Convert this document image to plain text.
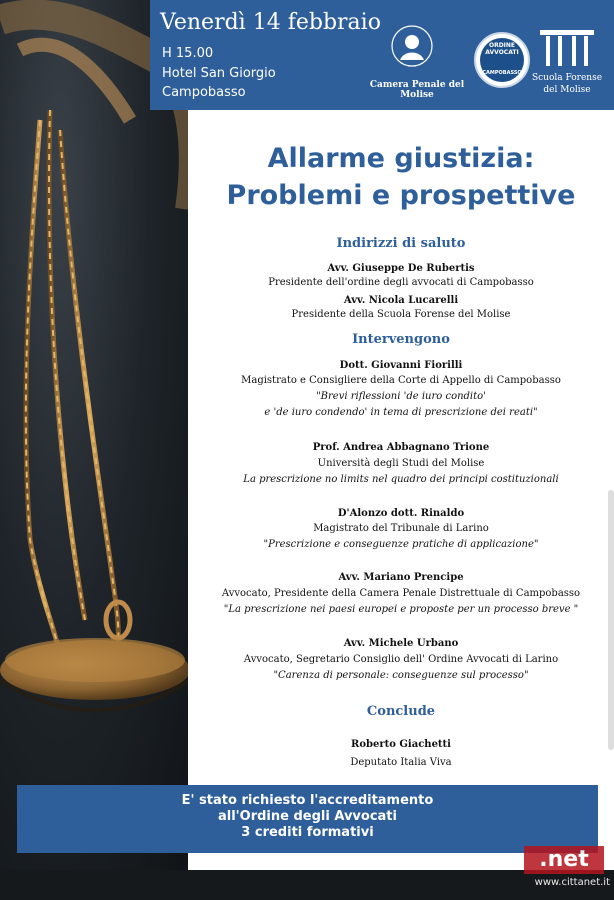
Venerdì 14 febbraio
H 15.00
Hotel San Giorgio
Campobasso	Camera Penale del Molise
ORDINE AVVOCATI
CAMPOBASSO	Scuola Forense
del Molise
Allarme giustizia:
Problemi e prospettive
Indirizzi di saluto
Avv. Giuseppe De Rubertis
Presidente dell'ordine degli avvocati di Campobasso
Avv. Nicola Lucarelli
Presidente della Scuola Forense del Molise
Intervengono
Dott. Giovanni Fiorilli
Magistrato e Consigliere della Corte di Appello di Campobasso
"Brevi riflessioni 'de iuro condito'
e 'de iuro condendo' in tema di prescrizione dei reati"
Prof. Andrea Abbagnano Trione
Università degli Studi del Molise
La prescrizione no limits nel quadro dei principi costituzionali
D'Alonzo dott. Rinaldo
Magistrato del Tribunale di Larino
"Prescrizione e conseguenze pratiche di applicazione"
Avv. Mariano Prencipe
Avvocato, Presidente della Camera Penale Distrettuale di Campobasso
"La prescrizione nei paesi europei e proposte per un processo breve "
Avv. Michele Urbano
Avvocato, Segretario Consiglio dell' Ordine Avvocati di Larino
"Carenza di personale: conseguenze sul processo"
Conclude
Roberto Giachetti
Deputato Italia Viva
E' stato richiesto l'accreditamento
all'Ordine degli Avvocati
3 crediti formativi
.net
www.cittanet.it
